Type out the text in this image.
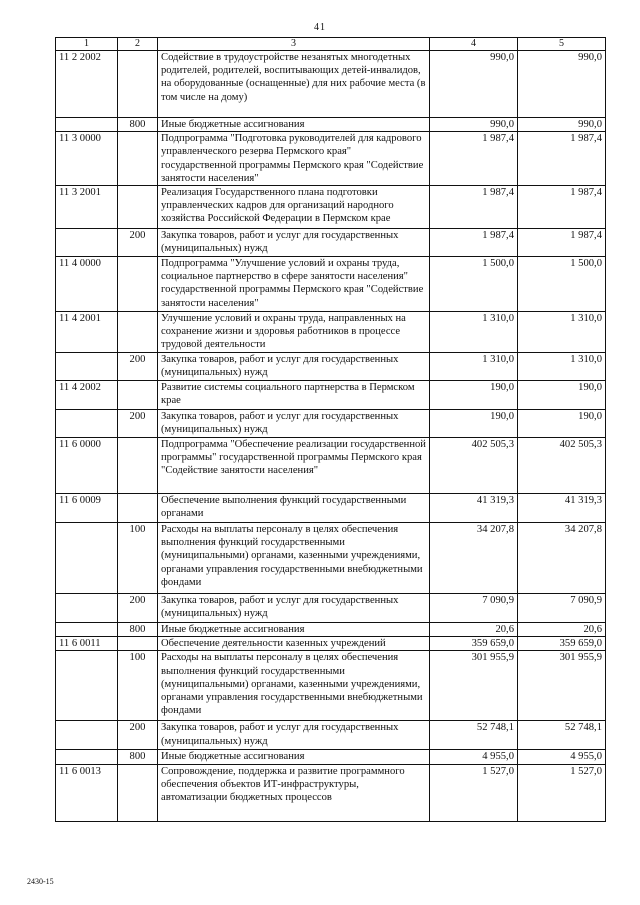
41
1	2	3	4	5
11 2 2002		Содействие в трудоустройстве незанятых многодетных родителей, родителей, воспитывающих детей-инвалидов, на оборудованные (оснащенные) для них рабочие места (в том числе на дому)	990,0	990,0
	800	Иные бюджетные ассигнования	990,0	990,0
11 3 0000		Подпрограмма "Подготовка руководителей для кадрового управленческого резерва Пермского края" государственной программы Пермского края "Содействие занятости населения"	1 987,4	1 987,4
11 3 2001		Реализация Государственного плана подготовки управленческих кадров для организаций народного хозяйства Российской Федерации в Пермском крае	1 987,4	1 987,4
	200	Закупка товаров, работ и услуг для государственных (муниципальных) нужд	1 987,4	1 987,4
11 4 0000		Подпрограмма "Улучшение условий и охраны труда, социальное партнерство в сфере занятости населения" государственной программы Пермского края "Содействие занятости населения"	1 500,0	1 500,0
11 4 2001		Улучшение условий и охраны труда, направленных на сохранение жизни и здоровья работников в процессе трудовой деятельности	1 310,0	1 310,0
	200	Закупка товаров, работ и услуг для государственных (муниципальных) нужд	1 310,0	1 310,0
11 4 2002		Развитие системы социального партнерства в Пермском крае	190,0	190,0
	200	Закупка товаров, работ и услуг для государственных (муниципальных) нужд	190,0	190,0
11 6 0000		Подпрограмма "Обеспечение реализации государственной программы" государственной программы Пермского края "Содействие занятости населения"	402 505,3	402 505,3
11 6 0009		Обеспечение выполнения функций государственными органами	41 319,3	41 319,3
	100	Расходы на выплаты персоналу в целях обеспечения выполнения функций государственными (муниципальными) органами, казенными учреждениями, органами управления государственными внебюджетными фондами	34 207,8	34 207,8
	200	Закупка товаров, работ и услуг для государственных (муниципальных) нужд	7 090,9	7 090,9
	800	Иные бюджетные ассигнования	20,6	20,6
11 6 0011		Обеспечение деятельности казенных учреждений	359 659,0	359 659,0
	100	Расходы на выплаты персоналу в целях обеспечения выполнения функций государственными (муниципальными) органами, казенными учреждениями, органами управления государственными внебюджетными фондами	301 955,9	301 955,9
	200	Закупка товаров, работ и услуг для государственных (муниципальных) нужд	52 748,1	52 748,1
	800	Иные бюджетные ассигнования	4 955,0	4 955,0
11 6 0013		Сопровождение, поддержка и развитие программного обеспечения объектов ИТ-инфраструктуры, автоматизации бюджетных процессов	1 527,0	1 527,0
2430-15
